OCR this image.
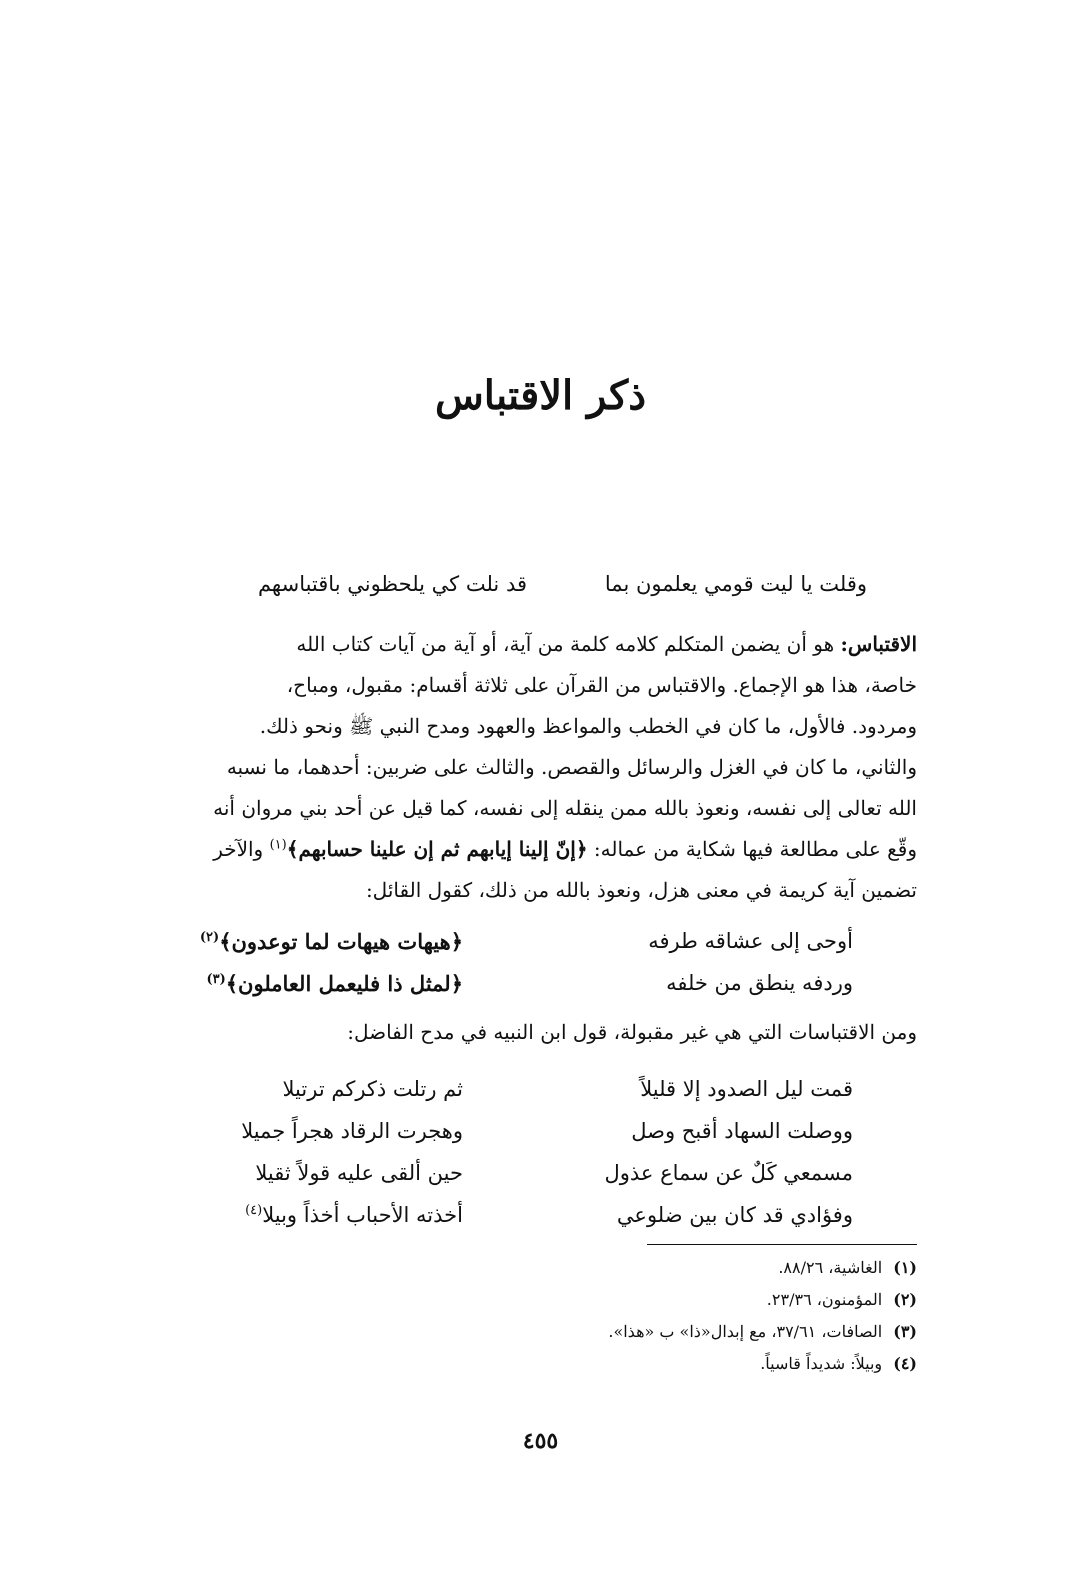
ذكر الاقتباس
وقلت يا ليت قومي يعلمون بما
قد نلت كي يلحظوني باقتباسهم

الاقتباس: هو أن يضمن المتكلم كلامه كلمة من آية، أو آية من آيات كتاب الله

خاصة، هذا هو الإجماع. والاقتباس من القرآن على ثلاثة أقسام: مقبول، ومباح،

ومردود. فالأول، ما كان في الخطب والمواعظ والعهود ومدح النبي ﷺ ونحو ذلك.

والثاني، ما كان في الغزل والرسائل والقصص. والثالث على ضربين: أحدهما، ما نسبه

الله تعالى إلى نفسه، ونعوذ بالله ممن ينقله إلى نفسه، كما قيل عن أحد بني مروان أنه

وقّع على مطالعة فيها شكاية من عماله: ﴿إنّ إلينا إيابهم ثم إن علينا حسابهم﴾$^{(١)}$ والآخر

تضمين آية كريمة في معنى هزل، ونعوذ بالله من ذلك، كقول القائل:

أوحى إلى عشاقه طرفه
﴿هيهات هيهات لما توعدون﴾$^{(٢)}$
وردفه ينطق من خلفه
﴿لمثل ذا فليعمل العاملون﴾$^{(٣)}$
ومن الاقتباسات التي هي غير مقبولة، قول ابن النبيه في مدح الفاضل:
قمت ليل الصدود إلا قليلاً
ثم رتلت ذكركم ترتيلا
ووصلت السهاد أقبح وصل
وهجرت الرقاد هجراً جميلا
مسمعي كَلٌ عن سماع عذول
حين ألقى عليه قولاً ثقيلا
وفؤادي قد كان بين ضلوعي
أخذته الأحباب أخذاً وبيلا$^{(٤)}$
(١) الغاشية، ٨٨/٢٦.
(٢) المؤمنون، ٢٣/٣٦.
(٣) الصافات، ٣٧/٦١، مع إبدال«ذا» ب «هذا».
(٤) وبيلاً: شديداً قاسياً.
٤٥٥
